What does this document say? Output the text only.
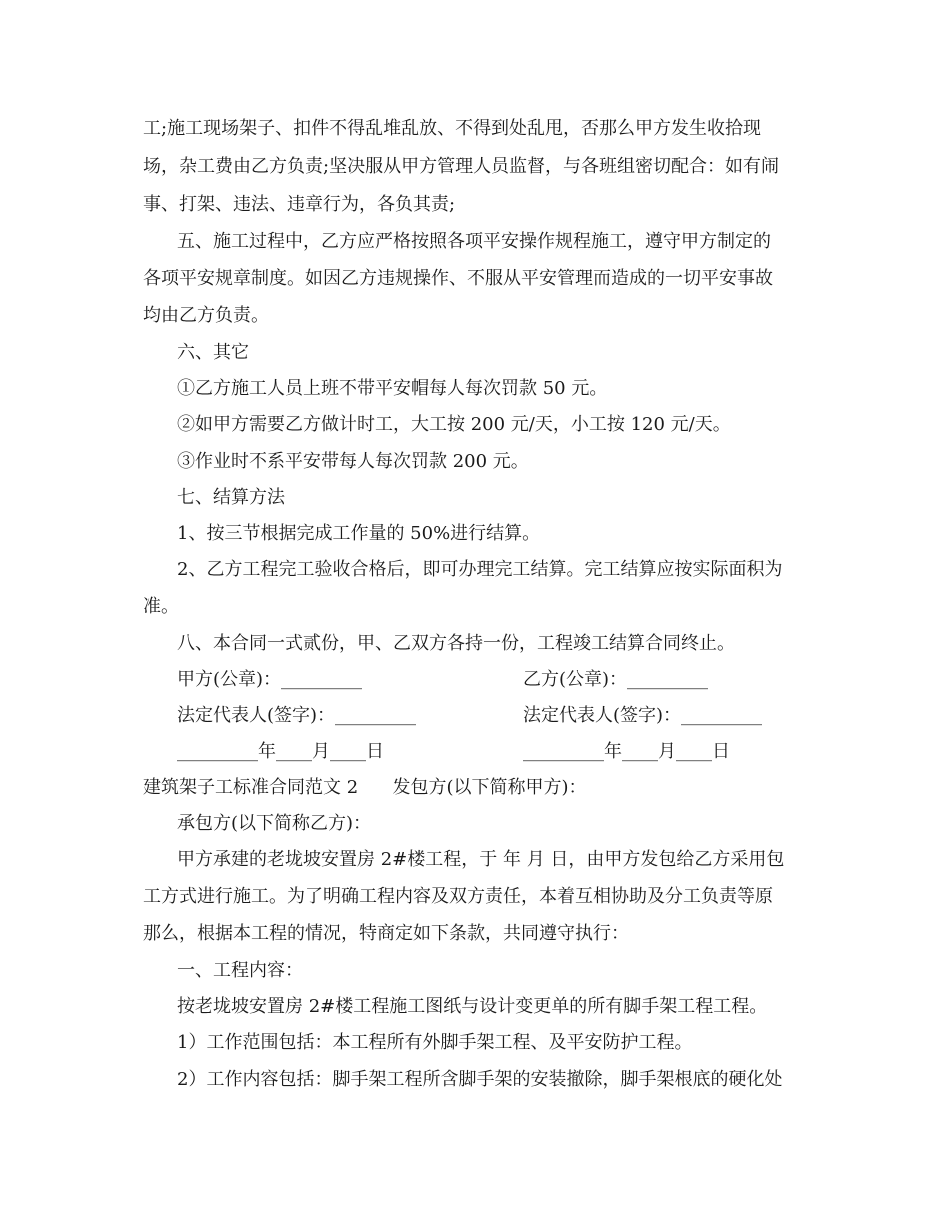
工;施工现场架子、扣件不得乱堆乱放、不得到处乱甩，否那么甲方发生收拾现
场，杂工费由乙方负责;坚决服从甲方管理人员监督，与各班组密切配合：如有闹
事、打架、违法、违章行为，各负其责;
五、施工过程中，乙方应严格按照各项平安操作规程施工，遵守甲方制定的
各项平安规章制度。如因乙方违规操作、不服从平安管理而造成的一切平安事故
均由乙方负责。
六、其它
①乙方施工人员上班不带平安帽每人每次罚款 50 元。
②如甲方需要乙方做计时工，大工按 200 元/天，小工按 120 元/天。
③作业时不系平安带每人每次罚款 200 元。
七、结算方法
1、按三节根据完成工作量的 50%进行结算。
2、乙方工程完工验收合格后，即可办理完工结算。完工结算应按实际面积为
准。
八、本合同一式贰份，甲、乙双方各持一份，工程竣工结算合同终止。
甲方(公章)：_________	乙方(公章)：_________
法定代表人(签字)：_________	法定代表人(签字)：_________
_________年____月____日	_________年____月____日
建筑架子工标准合同范文 2      发包方(以下简称甲方)：
承包方(以下简称乙方)：
甲方承建的老垅坡安置房 2#楼工程，于 年 月 日，由甲方发包给乙方采用包
工方式进行施工。为了明确工程内容及双方责任，本着互相协助及分工负责等原
那么，根据本工程的情况，特商定如下条款，共同遵守执行：
一、工程内容：
按老垅坡安置房 2#楼工程施工图纸与设计变更单的所有脚手架工程工程。
1）工作范围包括：本工程所有外脚手架工程、及平安防护工程。
2）工作内容包括：脚手架工程所含脚手架的安装撤除，脚手架根底的硬化处
